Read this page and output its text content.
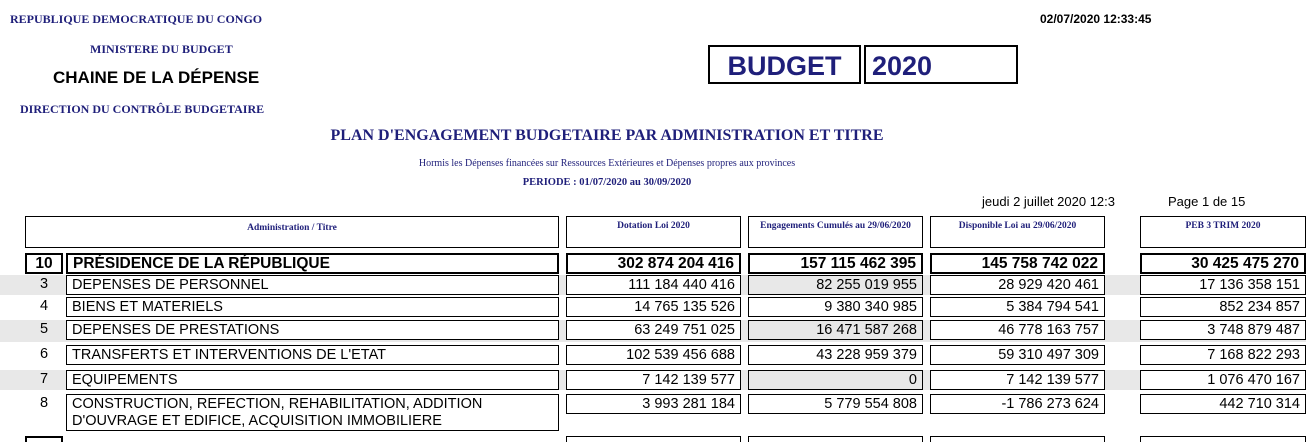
REPUBLIQUE DEMOCRATIQUE DU CONGO
MINISTERE DU BUDGET
CHAINE DE LA DÉPENSE
DIRECTION DU CONTRÔLE BUDGETAIRE
02/07/2020 12:33:45
BUDGET	2020
PLAN D'ENGAGEMENT BUDGETAIRE PAR ADMINISTRATION ET TITRE
Hormis les Dépenses financées sur Ressources Extérieures et Dépenses propres aux provinces
PERIODE : 01/07/2020 au 30/09/2020
jeudi 2 juillet 2020 12:3	Page 1 de 15
Administration / Titre	Dotation Loi 2020	Engagements Cumulés au 29/06/2020	Disponible Loi au 29/06/2020	PEB 3 TRIM 2020
10	PRÉSIDENCE DE LA RÉPUBLIQUE	302 874 204 416	157 115 462 395	145 758 742 022	30 425 475 270
3	DEPENSES DE PERSONNEL	111 184 440 416	82 255 019 955	28 929 420 461	17 136 358 151
4	BIENS ET MATERIELS	14 765 135 526	9 380 340 985	5 384 794 541	852 234 857
5	DEPENSES DE PRESTATIONS	63 249 751 025	16 471 587 268	46 778 163 757	3 748 879 487
6	TRANSFERTS ET INTERVENTIONS DE L'ETAT	102 539 456 688	43 228 959 379	59 310 497 309	7 168 822 293
7	EQUIPEMENTS	7 142 139 577	0	7 142 139 577	1 076 470 167
8	CONSTRUCTION, REFECTION, REHABILITATION, ADDITION
D'OUVRAGE ET EDIFICE, ACQUISITION IMMOBILIERE
3 993 281 184	5 779 554 808	-1 786 273 624	442 710 314
